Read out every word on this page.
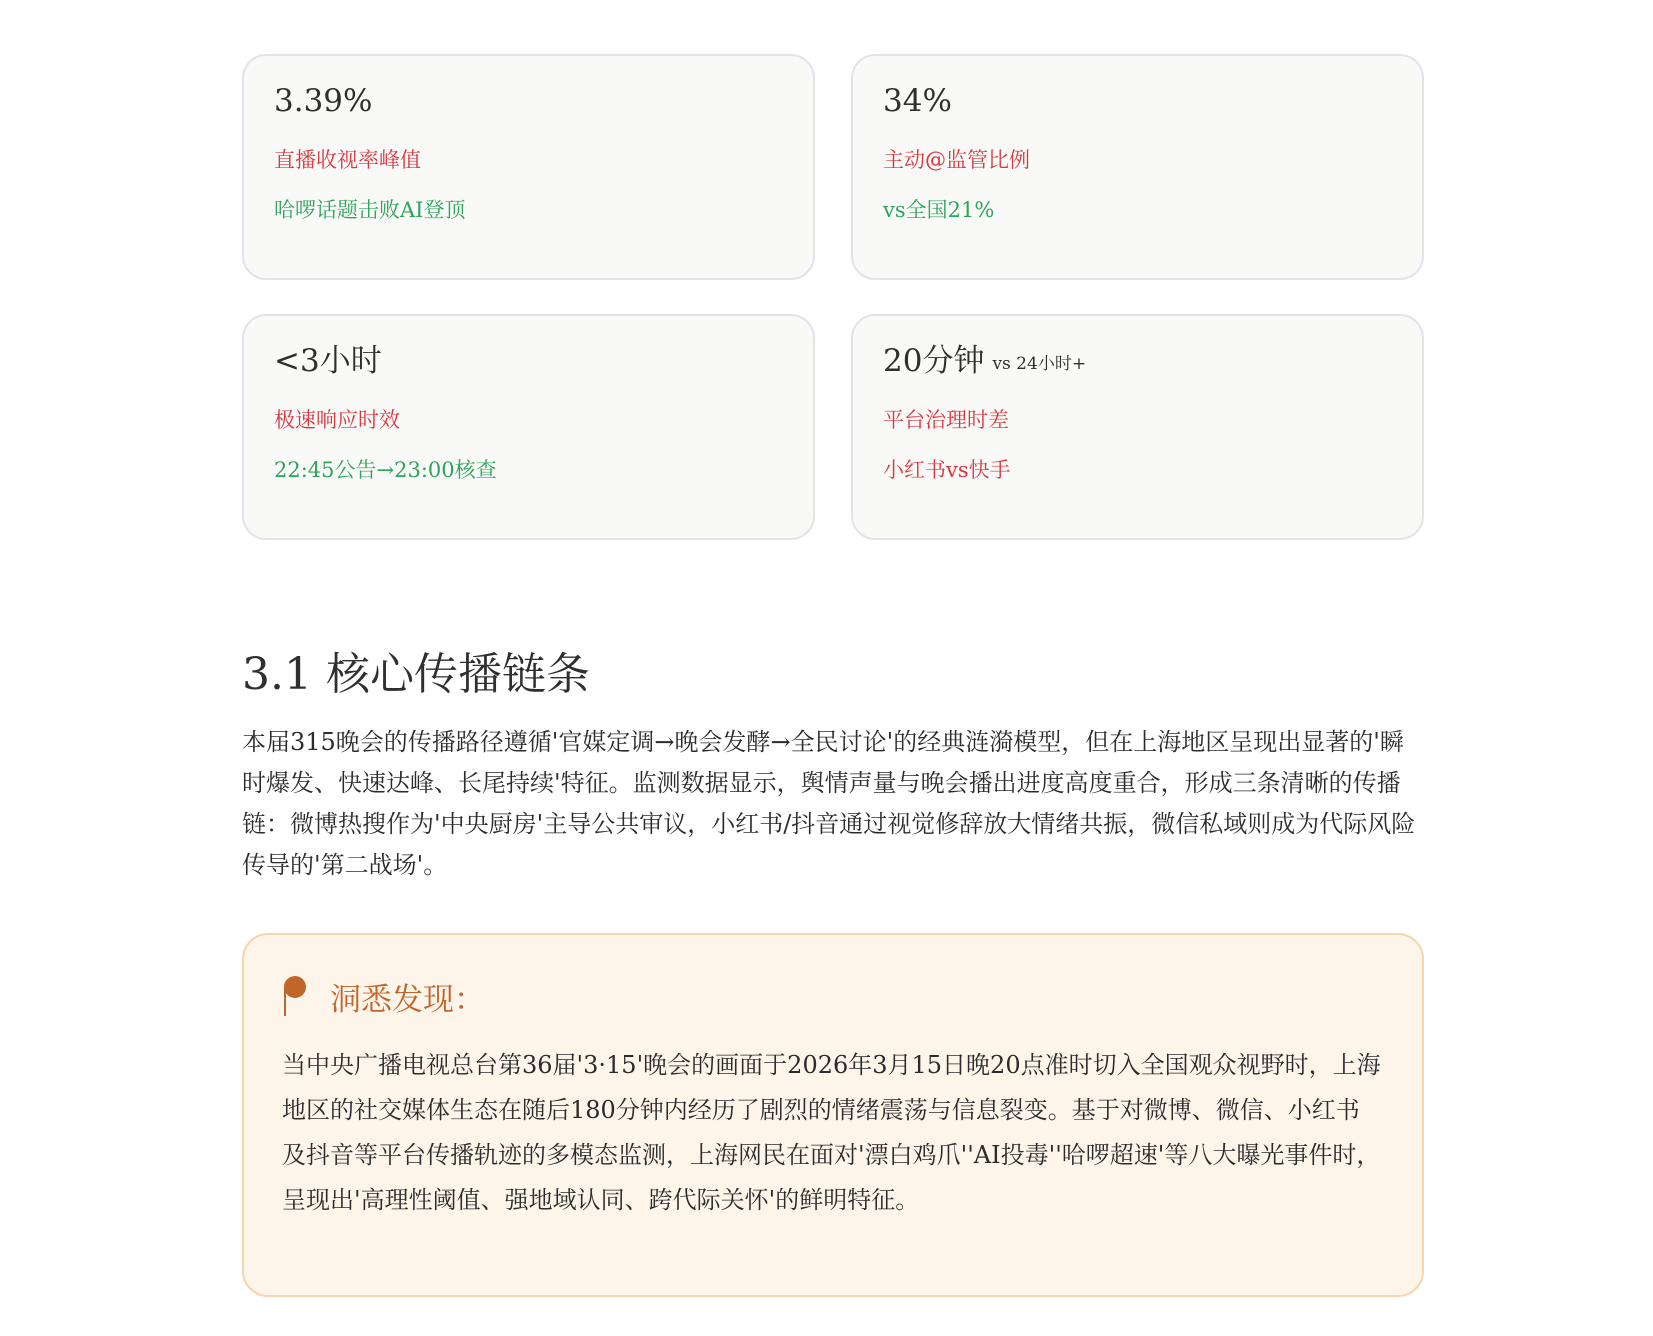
3.39%
直播收视率峰值
哈啰话题击败AI登顶
34%
主动@监管比例
vs全国21%
<3小时
极速响应时效
22:45公告→23:00核查
20分钟 vs 24小时+
平台治理时差
小红书vs快手
3.1 核心传播链条

本届315晚会的传播路径遵循'官媒定调→晚会发酵→全民讨论'的经典涟漪模型，但在上海地区呈现出显著的'瞬时爆发、快速达峰、长尾持续'特征。监测数据显示，舆情声量与晚会播出进度高度重合，形成三条清晰的传播链：微博热搜作为'中央厨房'主导公共审议，小红书/抖音通过视觉修辞放大情绪共振，微信私域则成为代际风险传导的'第二战场'。

洞悉发现：

当中央广播电视总台第36届'3·15'晚会的画面于2026年3月15日晚20点准时切入全国观众视野时，上海地区的社交媒体生态在随后180分钟内经历了剧烈的情绪震荡与信息裂变。基于对微博、微信、小红书及抖音等平台传播轨迹的多模态监测，上海网民在面对'漂白鸡爪''AI投毒''哈啰超速'等八大曝光事件时，呈现出'高理性阈值、强地域认同、跨代际关怀'的鲜明特征。
